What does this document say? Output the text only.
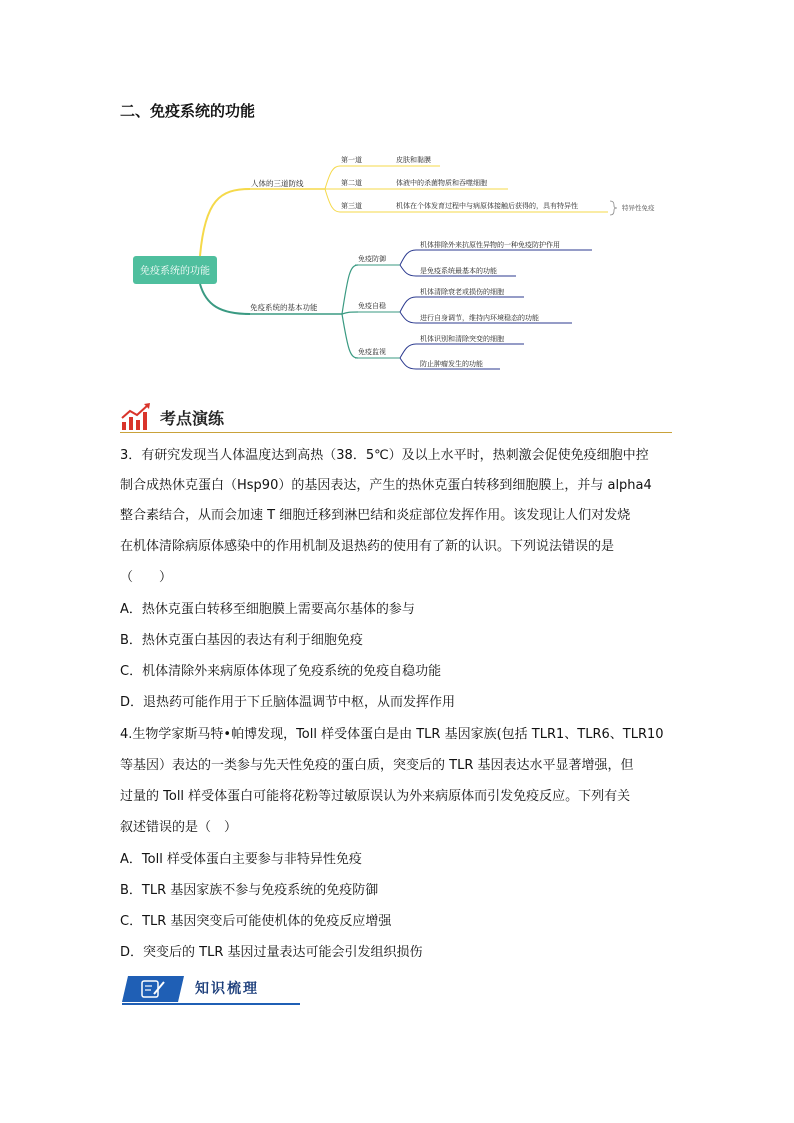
二、免疫系统的功能
免疫系统的功能
人体的三道防线
第一道	皮肤和黏膜
第二道	体液中的杀菌物质和吞噬细胞
第三道	机体在个体发育过程中与病原体接触后获得的，具有特异性	特异性免疫
免疫系统的基本功能
免疫防御
机体排除外来抗原性异物的一种免疫防护作用
是免疫系统最基本的功能
免疫自稳
机体清除衰老或损伤的细胞
进行自身调节，维持内环境稳态的功能
免疫监视
机体识别和清除突变的细胞
防止肿瘤发生的功能
考点演练
3．有研究发现当人体温度达到高热（38．5℃）及以上水平时，热刺激会促使免疫细胞中控
制合成热休克蛋白（Hsp90）的基因表达，产生的热休克蛋白转移到细胞膜上，并与 alpha4
整合素结合，从而会加速 T 细胞迁移到淋巴结和炎症部位发挥作用。该发现让人们对发烧
在机体清除病原体感染中的作用机制及退热药的使用有了新的认识。下列说法错误的是
（　　）
A．热休克蛋白转移至细胞膜上需要高尔基体的参与
B．热休克蛋白基因的表达有利于细胞免疫
C．机体清除外来病原体体现了免疫系统的免疫自稳功能
D．退热药可能作用于下丘脑体温调节中枢，从而发挥作用
4.生物学家斯马特•帕博发现，Toll 样受体蛋白是由 TLR 基因家族(包括 TLR1、TLR6、TLR10
等基因）表达的一类参与先天性免疫的蛋白质，突变后的 TLR 基因表达水平显著增强，但
过量的 Toll 样受体蛋白可能将花粉等过敏原误认为外来病原体而引发免疫反应。下列有关
叙述错误的是（　）
A．Toll 样受体蛋白主要参与非特异性免疫
B．TLR 基因家族不参与免疫系统的免疫防御
C．TLR 基因突变后可能使机体的免疫反应增强
D．突变后的 TLR 基因过量表达可能会引发组织损伤
知识梳理
